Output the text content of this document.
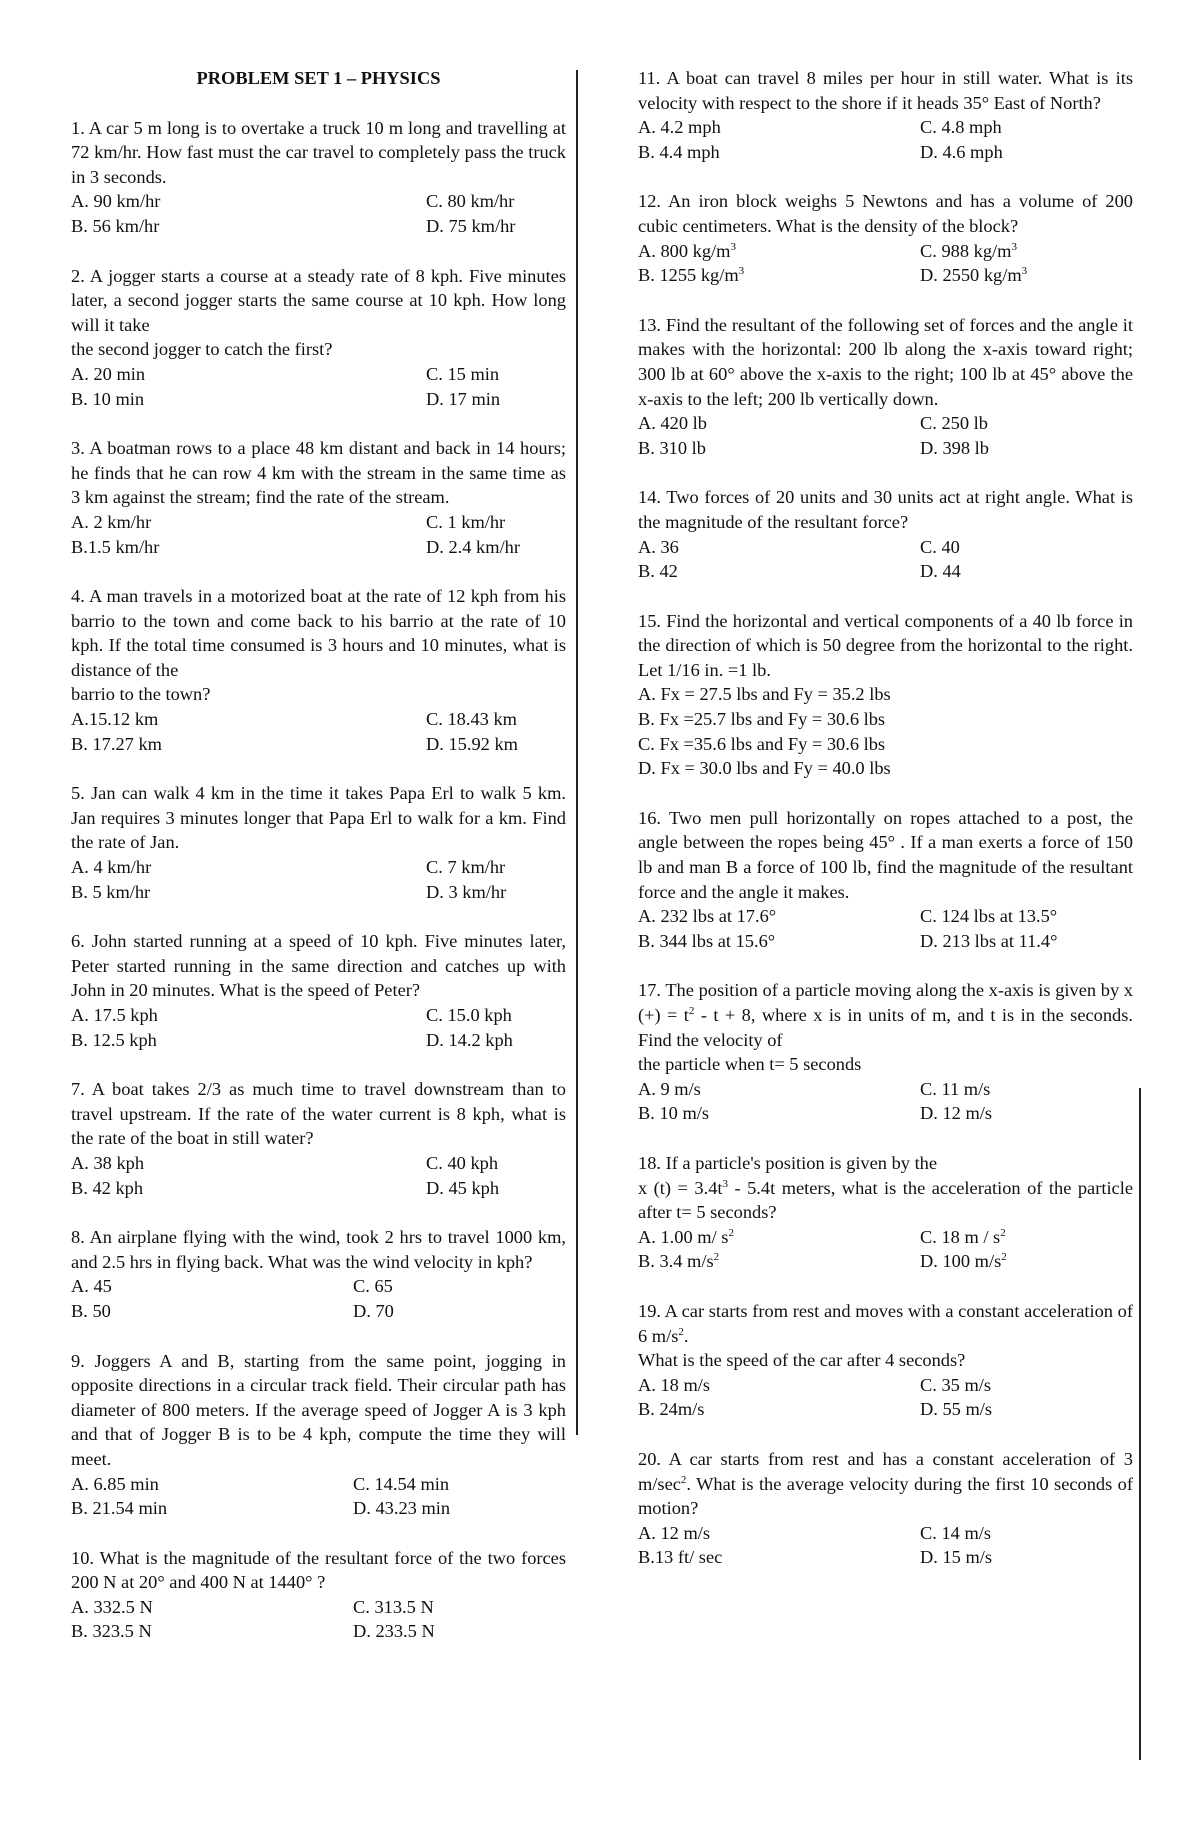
PROBLEM SET 1 – PHYSICS
1. A car 5 m long is to overtake a truck 10 m long and travelling at 72 km/hr. How fast must the car travel to completely pass the truck in 3 seconds.
A. 90 km/hr	C. 80 km/hr
B. 56 km/hr	D. 75 km/hr
2. A jogger starts a course at a steady rate of 8 kph. Five minutes later, a second jogger starts the same course at 10 kph. How long will it take
the second jogger to catch the first?
A. 20 min	C. 15 min
B. 10 min	D. 17 min
3. A boatman rows to a place 48 km distant and back in 14 hours; he finds that he can row 4 km with the stream in the same time as 3 km against the stream; find the rate of the stream.
A. 2 km/hr	C. 1 km/hr
B.1.5 km/hr	D. 2.4 km/hr
4. A man travels in a motorized boat at the rate of 12 kph from his barrio to the town and come back to his barrio at the rate of 10 kph. If the total time consumed is 3 hours and 10 minutes, what is distance of the
barrio to the town?
A.15.12 km	C. 18.43 km
B. 17.27 km	D. 15.92 km
5. Jan can walk 4 km in the time it takes Papa Erl to walk 5 km. Jan requires 3 minutes longer that Papa Erl to walk for a km. Find the rate of Jan.
A. 4 km/hr	C. 7 km/hr
B. 5 km/hr	D. 3 km/hr
6. John started running at a speed of 10 kph. Five minutes later, Peter started running in the same direction and catches up with John in 20 minutes. What is the speed of Peter?
A. 17.5 kph	C. 15.0 kph
B. 12.5 kph	D. 14.2 kph
7. A boat takes 2/3 as much time to travel downstream than to travel upstream. If the rate of the water current is 8 kph, what is the rate of the boat in still water?
A. 38 kph	C. 40 kph
B. 42 kph	D. 45 kph
8. An airplane flying with the wind, took 2 hrs to travel 1000 km, and 2.5 hrs in flying back. What was the wind velocity in kph?
A. 45	C. 65
B. 50	D. 70
9. Joggers A and B, starting from the same point, jogging in opposite directions in a circular track field. Their circular path has diameter of 800 meters. If the average speed of Jogger A is 3 kph and that of Jogger B is to be 4 kph, compute the time they will meet.
A. 6.85 min	C. 14.54 min
B. 21.54 min	D. 43.23 min
10. What is the magnitude of the resultant force of the two forces 200 N at 20° and 400 N at 1440° ?
A. 332.5 N	C. 313.5 N
B. 323.5 N	D. 233.5 N
11. A boat can travel 8 miles per hour in still water. What is its velocity with respect to the shore if it heads 35° East of North?
A. 4.2 mph	C. 4.8 mph
B. 4.4 mph	D. 4.6 mph
12. An iron block weighs 5 Newtons and has a volume of 200 cubic centimeters. What is the density of the block?
A. 800 $kg/m^3$	C. 988 $kg/m^3$
B. 1255 $kg/m^3$	D. 2550 $kg/m^3$
13. Find the resultant of the following set of forces and the angle it makes with the horizontal: 200 lb along the x-axis toward right; 300 lb at 60° above the x-axis to the right; 100 lb at 45° above the x-axis to the left; 200 lb vertically down.
A. 420 lb	C. 250 lb
B. 310 lb	D. 398 lb
14. Two forces of 20 units and 30 units act at right angle. What is the magnitude of the resultant force?
A. 36	C. 40
B. 42	D. 44
15. Find the horizontal and vertical components of a 40 lb force in the direction of which is 50 degree from the horizontal to the right. Let 1/16 in. =1 lb.
A. Fx = 27.5 lbs and Fy = 35.2 lbs
B. Fx =25.7 lbs and Fy = 30.6 lbs
C. Fx =35.6 lbs and Fy = 30.6 lbs
D. Fx = 30.0 lbs and Fy = 40.0 lbs
16. Two men pull horizontally on ropes attached to a post, the angle between the ropes being 45° . If a man exerts a force of 150 lb and man B a force of 100 lb, find the magnitude of the resultant force and the angle it makes.
A. 232 lbs at 17.6°	C. 124 lbs at 13.5°
B. 344 lbs at 15.6°	D. 213 lbs at 11.4°
17. The position of a particle moving along the x-axis is given by x (+) = $t^2 - t + 8$, where x is in units of m, and t is in the seconds. Find the velocity of
the particle when t= 5 seconds
A. 9 m/s	C. 11 m/s
B. 10 m/s	D. 12 m/s
18. If a particle's position is given by the
x $(t) = 3.4t^3 - 5.4t$ meters, what is the acceleration of the particle after t= 5 seconds?
A. 1.00 m/ $s^2$	C. 18 m / $s^2$
B. 3.4 $m/s^2$	D. 100 $m/s^2$
19. A car starts from rest and moves with a constant acceleration of 6 $m/s^2$.
What is the speed of the car after 4 seconds?
A. 18 m/s	C. 35 m/s
B. 24m/s	D. 55 m/s
20. A car starts from rest and has a constant acceleration of 3 $m/\sec^2$. What is the average velocity during the first 10 seconds of motion?
A. 12 m/s	C. 14 m/s
B.13 ft/ sec	D. 15 m/s
